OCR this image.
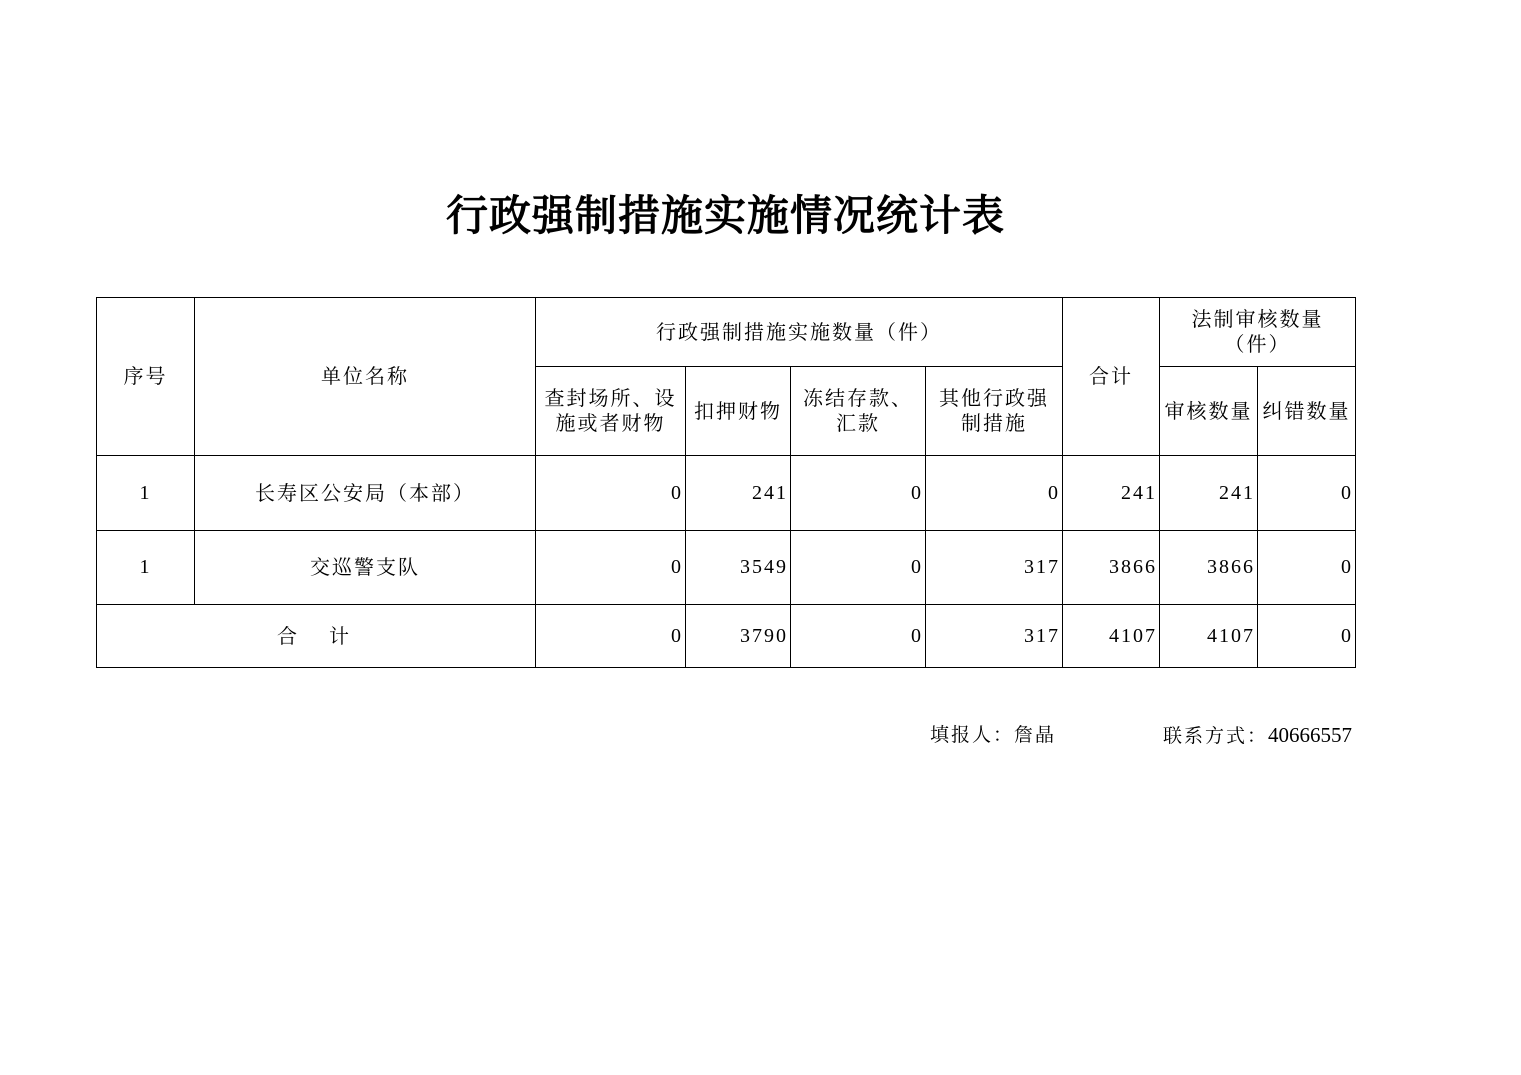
行政强制措施实施情况统计表
序号	单位名称	行政强制措施实施数量（件）				合计	法制审核数量（件）	
		查封场所、设施或者财物	扣押财物	冻结存款、汇款	其他行政强制措施		审核数量	纠错数量
1	长寿区公安局（本部）	0	241	0	0	241	241	0
1	交巡警支队	0	3549	0	317	3866	3866	0
合　计		0	3790	0	317	4107	4107	0
填报人：詹晶	联系方式：40666557
